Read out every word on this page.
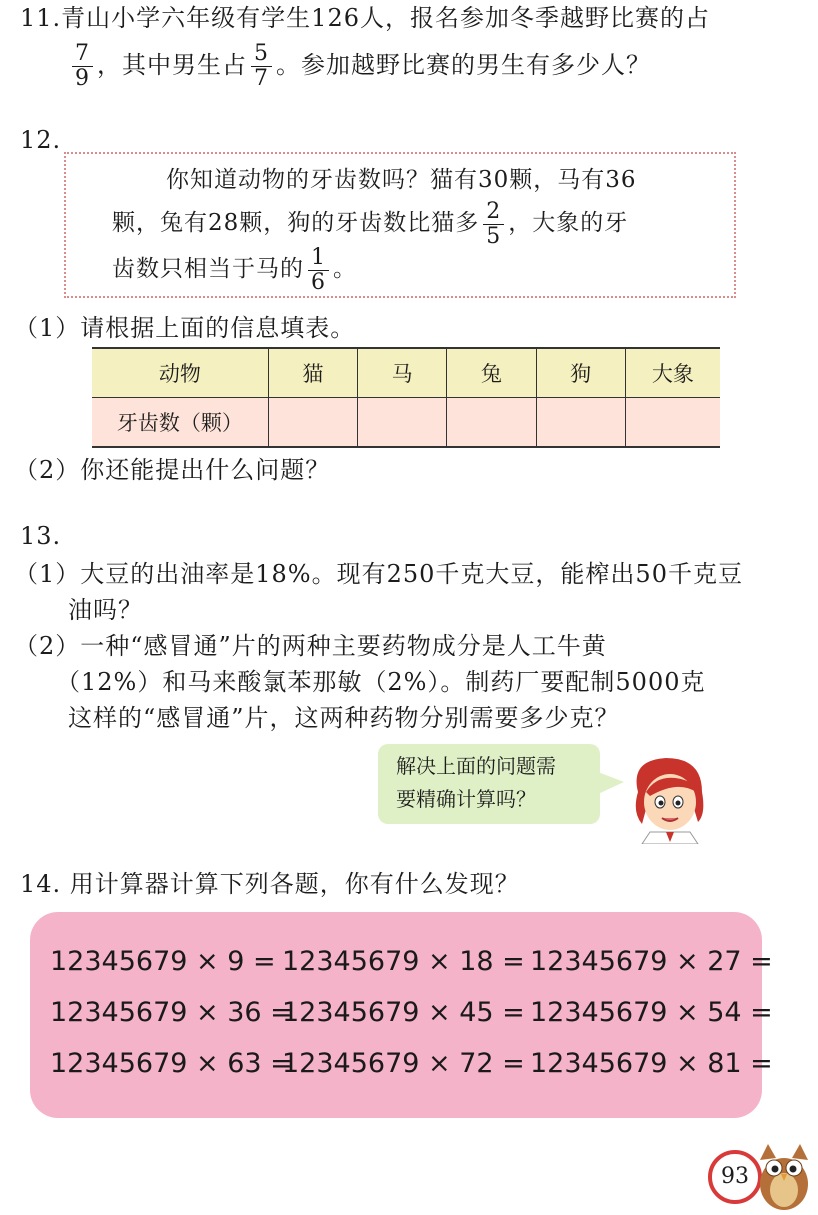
11.青山小学六年级有学生126人，报名参加冬季越野比赛的占
$\frac{7}{9}$ ，其中男生占 $\frac{5}{7}$ 。参加越野比赛的男生有多少人？
12.
你知道动物的牙齿数吗？猫有30颗，马有36
颗，兔有28颗，狗的牙齿数比猫多 $\frac{2}{5}$ ，大象的牙
齿数只相当于马的 $\frac{1}{6}$ 。
（1）请根据上面的信息填表。
动物	猫	马	兔	狗	大象
牙齿数（颗）					
（2）你还能提出什么问题？
13.
（1）大豆的出油率是18%。现有250千克大豆，能榨出50千克豆
油吗？
（2）一种“感冒通”片的两种主要药物成分是人工牛黄
（12%）和马来酸氯苯那敏（2%）。制药厂要配制5000克
这样的“感冒通”片，这两种药物分别需要多少克？
解决上面的问题需
要精确计算吗？
14. 用计算器计算下列各题，你有什么发现？
12345679 × 9 = 12345679 × 18 = 12345679 × 27 =
12345679 × 36 =
12345679 × 45 = 12345679 × 54 =
12345679 × 63 =
12345679 × 72 = 12345679 × 81 =
93
